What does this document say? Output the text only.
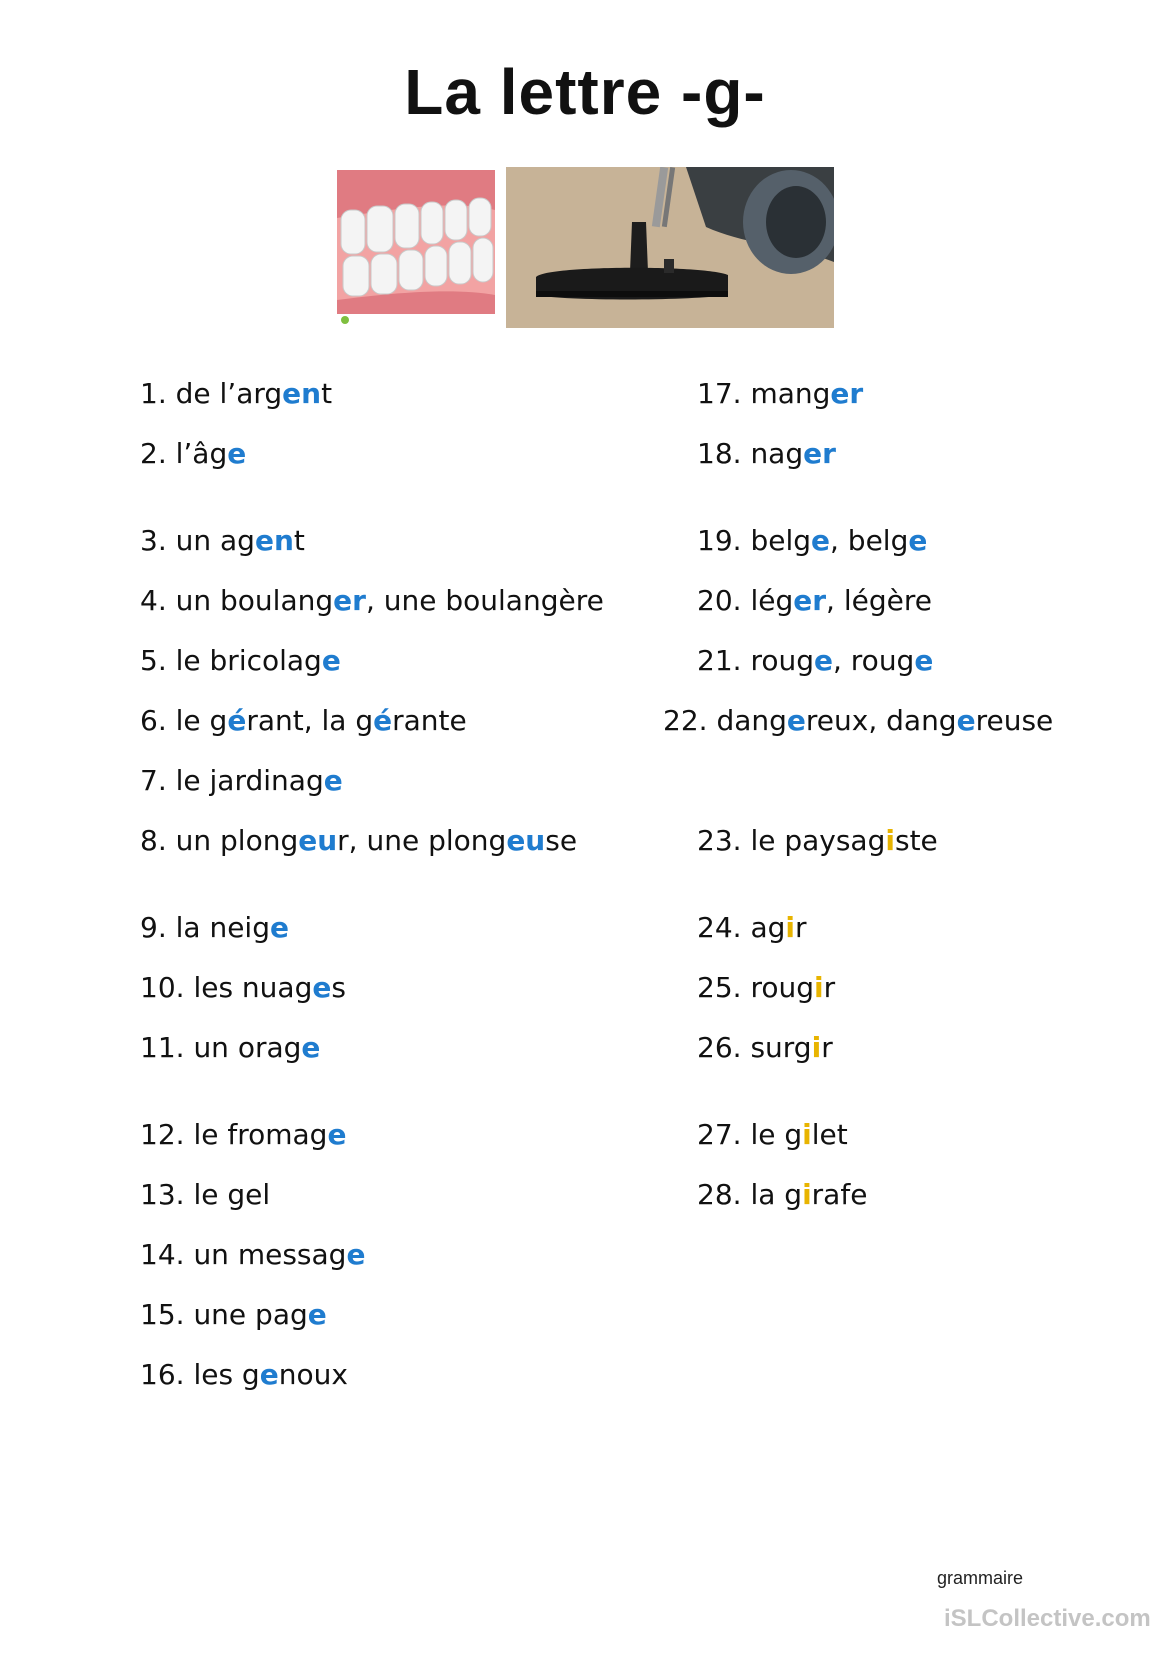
La lettre -g-
1. de l’argent
2. l’âge
3. un agent
4. un boulanger, une boulangère
5. le bricolage
6. le gérant, la gérante
7. le jardinage
8. un plongeur, une plongeuse
9. la neige
10. les nuages
11. un orage
12. le fromage
13. le gel
14. un message
15. une page
16. les genoux
17. manger
18. nager
19. belge, belge
20. léger, légère
21. rouge, rouge
22. dangereux, dangereuse
23. le paysagiste
24. agir
25. rougir
26. surgir
27. le gilet
28. la girafe
grammaire
iSLCollective.com
